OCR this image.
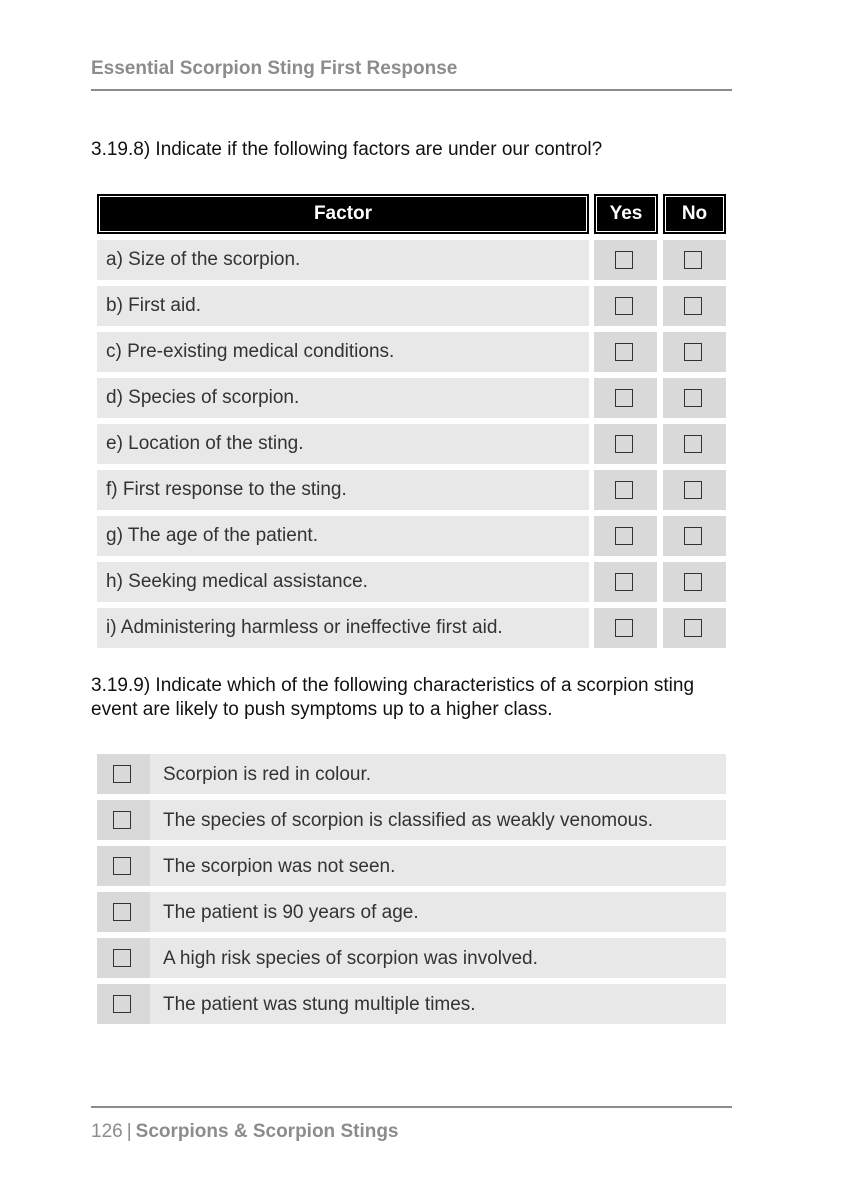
Essential Scorpion Sting First Response
3.19.8) Indicate if the following factors are under our control?
Factor	Yes	No
a) Size of the scorpion.
b) First aid.
c) Pre-existing medical conditions.
d) Species of scorpion.
e) Location of the sting.
f) First response to the sting.
g) The age of the patient.
h) Seeking medical assistance.
i) Administering harmless or ineffective first aid.
3.19.9) Indicate which of the following characteristics of a scorpion sting event are likely to push symptoms up to a higher class.
Scorpion is red in colour.
The species of scorpion is classified as weakly venomous.
The scorpion was not seen.
The patient is 90 years of age.
A high risk species of scorpion was involved.
The patient was stung multiple times.
126 | Scorpions & Scorpion Stings
